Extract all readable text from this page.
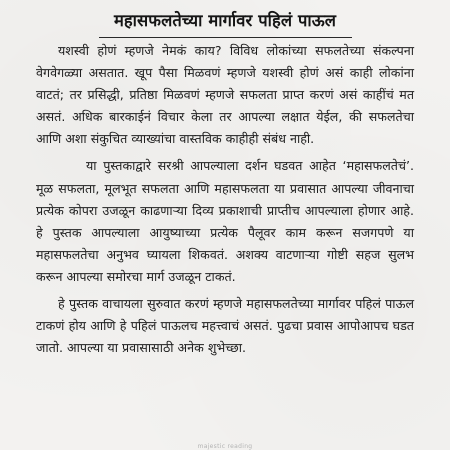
महासफलतेच्या मार्गावर पहिलं पाऊल

यशस्वी होणं म्हणजे नेमकं काय? विविध लोकांच्या सफलतेच्या संकल्पना वेगवेगळ्या असतात. खूप पैसा मिळवणं म्हणजे यशस्वी होणं असं काही लोकांना वाटतं; तर प्रसिद्धी, प्रतिष्ठा मिळवणं म्हणजे सफलता प्राप्त करणं असं काहींचं मत असतं. अधिक बारकाईनं विचार केला तर आपल्या लक्षात येईल, की सफलतेचा आणि अशा संकुचित व्याख्यांचा वास्तविक काहीही संबंध नाही.

या पुस्तकाद्वारे सरश्री आपल्याला दर्शन घडवत आहेत ‘महासफलतेचं’. मूळ सफलता, मूलभूत सफलता आणि महासफलता या प्रवासात आपल्या जीवनाचा प्रत्येक कोपरा उजळून काढणाऱ्या दिव्य प्रकाशाची प्राप्तीच आपल्याला होणार आहे. हे पुस्तक आपल्याला आयुष्याच्या प्रत्येक पैलूवर काम करून सजगपणे या महासफलतेचा अनुभव घ्यायला शिकवतं. अशक्य वाटणाऱ्या गोष्टी सहज सुलभ करून आपल्या समोरचा मार्ग उजळून टाकतं.

हे पुस्तक वाचायला सुरुवात करणं म्हणजे महासफलतेच्या मार्गावर पहिलं पाऊल टाकणं होय आणि हे पहिलं पाऊलच महत्त्वाचं असतं. पुढचा प्रवास आपोआपच घडत जातो. आपल्या या प्रवासासाठी अनेक शुभेच्छा.

majestic reading
